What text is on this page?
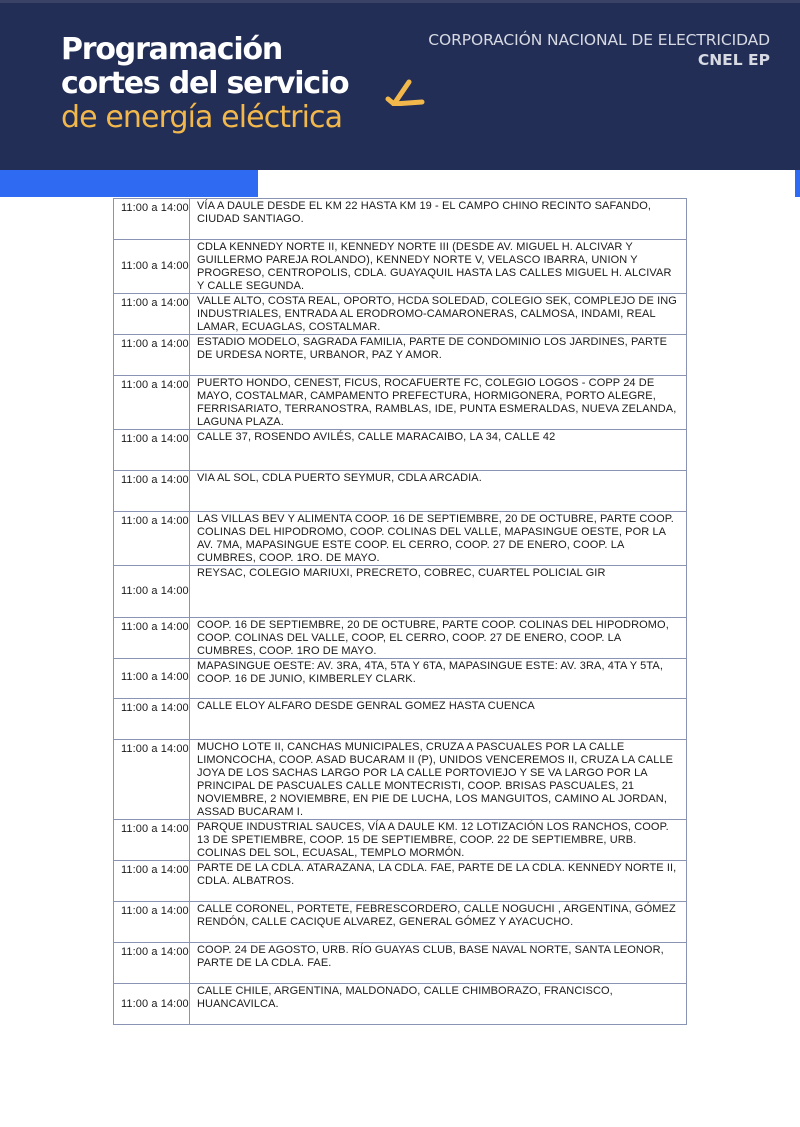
Programación
cortes del servicio
de energía eléctrica
CORPORACIÓN NACIONAL DE ELECTRICIDAD
CNEL EP
11:00 a 14:00	VÍA A DAULE DESDE EL KM 22 HASTA KM 19 - EL CAMPO CHINO RECINTO SAFANDO, CIUDAD SANTIAGO.
11:00 a 14:00	CDLA KENNEDY NORTE II, KENNEDY NORTE III (DESDE AV. MIGUEL H. ALCIVAR Y GUILLERMO PAREJA ROLANDO), KENNEDY NORTE V, VELASCO IBARRA, UNION Y PROGRESO, CENTROPOLIS, CDLA. GUAYAQUIL HASTA LAS CALLES MIGUEL H. ALCIVAR Y CALLE SEGUNDA.
11:00 a 14:00	VALLE ALTO, COSTA REAL, OPORTO, HCDA SOLEDAD, COLEGIO SEK, COMPLEJO DE ING INDUSTRIALES, ENTRADA AL ERODROMO-CAMARONERAS, CALMOSA, INDAMI, REAL LAMAR, ECUAGLAS, COSTALMAR.
11:00 a 14:00	ESTADIO MODELO, SAGRADA FAMILIA, PARTE DE CONDOMINIO LOS JARDINES, PARTE DE URDESA NORTE, URBANOR, PAZ Y AMOR.
11:00 a 14:00	PUERTO HONDO, CENEST, FICUS, ROCAFUERTE FC, COLEGIO LOGOS - COPP 24 DE MAYO, COSTALMAR, CAMPAMENTO PREFECTURA, HORMIGONERA, PORTO ALEGRE, FERRISARIATO, TERRANOSTRA, RAMBLAS, IDE, PUNTA ESMERALDAS, NUEVA ZELANDA, LAGUNA PLAZA.
11:00 a 14:00	CALLE 37, ROSENDO AVILÉS, CALLE MARACAIBO, LA 34, CALLE 42
11:00 a 14:00	VIA AL SOL, CDLA PUERTO SEYMUR, CDLA ARCADIA.
11:00 a 14:00	LAS VILLAS BEV Y ALIMENTA COOP. 16 DE SEPTIEMBRE, 20 DE OCTUBRE, PARTE COOP. COLINAS DEL HIPODROMO, COOP. COLINAS DEL VALLE, MAPASINGUE OESTE, POR LA AV. 7MA, MAPASINGUE ESTE COOP. EL CERRO, COOP. 27 DE ENERO, COOP. LA CUMBRES, COOP. 1RO. DE MAYO.
11:00 a 14:00	REYSAC, COLEGIO MARIUXI, PRECRETO, COBREC, CUARTEL POLICIAL GIR
11:00 a 14:00	COOP. 16 DE SEPTIEMBRE, 20 DE OCTUBRE, PARTE COOP. COLINAS DEL HIPODROMO, COOP. COLINAS DEL VALLE, COOP, EL CERRO, COOP. 27 DE ENERO, COOP. LA CUMBRES, COOP. 1RO DE MAYO.
11:00 a 14:00	MAPASINGUE OESTE: AV. 3RA, 4TA, 5TA Y 6TA, MAPASINGUE ESTE: AV. 3RA, 4TA Y 5TA, COOP. 16 DE JUNIO, KIMBERLEY CLARK.
11:00 a 14:00	CALLE ELOY ALFARO DESDE GENRAL GOMEZ HASTA CUENCA
11:00 a 14:00	MUCHO LOTE II, CANCHAS MUNICIPALES, CRUZA A PASCUALES POR LA CALLE LIMONCOCHA, COOP. ASAD BUCARAM II (P), UNIDOS VENCEREMOS II, CRUZA LA CALLE JOYA DE LOS SACHAS LARGO POR LA CALLE PORTOVIEJO Y SE VA LARGO POR LA PRINCIPAL DE PASCUALES CALLE MONTECRISTI, COOP. BRISAS PASCUALES, 21 NOVIEMBRE, 2 NOVIEMBRE, EN PIE DE LUCHA, LOS MANGUITOS, CAMINO AL JORDAN, ASSAD BUCARAM I.
11:00 a 14:00	PARQUE INDUSTRIAL SAUCES, VÍA A DAULE KM. 12 LOTIZACIÓN LOS RANCHOS, COOP. 13 DE SPETIEMBRE, COOP. 15 DE SEPTIEMBRE, COOP. 22 DE SEPTIEMBRE, URB. COLINAS DEL SOL, ECUASAL, TEMPLO MORMÓN.
11:00 a 14:00	PARTE DE LA CDLA. ATARAZANA, LA CDLA. FAE, PARTE DE LA CDLA. KENNEDY NORTE II, CDLA. ALBATROS.
11:00 a 14:00	CALLE CORONEL, PORTETE, FEBRESCORDERO, CALLE NOGUCHI , ARGENTINA, GÓMEZ RENDÓN, CALLE CACIQUE ALVAREZ, GENERAL GÓMEZ Y AYACUCHO.
11:00 a 14:00	COOP. 24 DE AGOSTO, URB. RÍO GUAYAS CLUB, BASE NAVAL NORTE, SANTA LEONOR, PARTE DE LA CDLA. FAE.
11:00 a 14:00	CALLE CHILE, ARGENTINA, MALDONADO, CALLE CHIMBORAZO, FRANCISCO, HUANCAVILCA.
